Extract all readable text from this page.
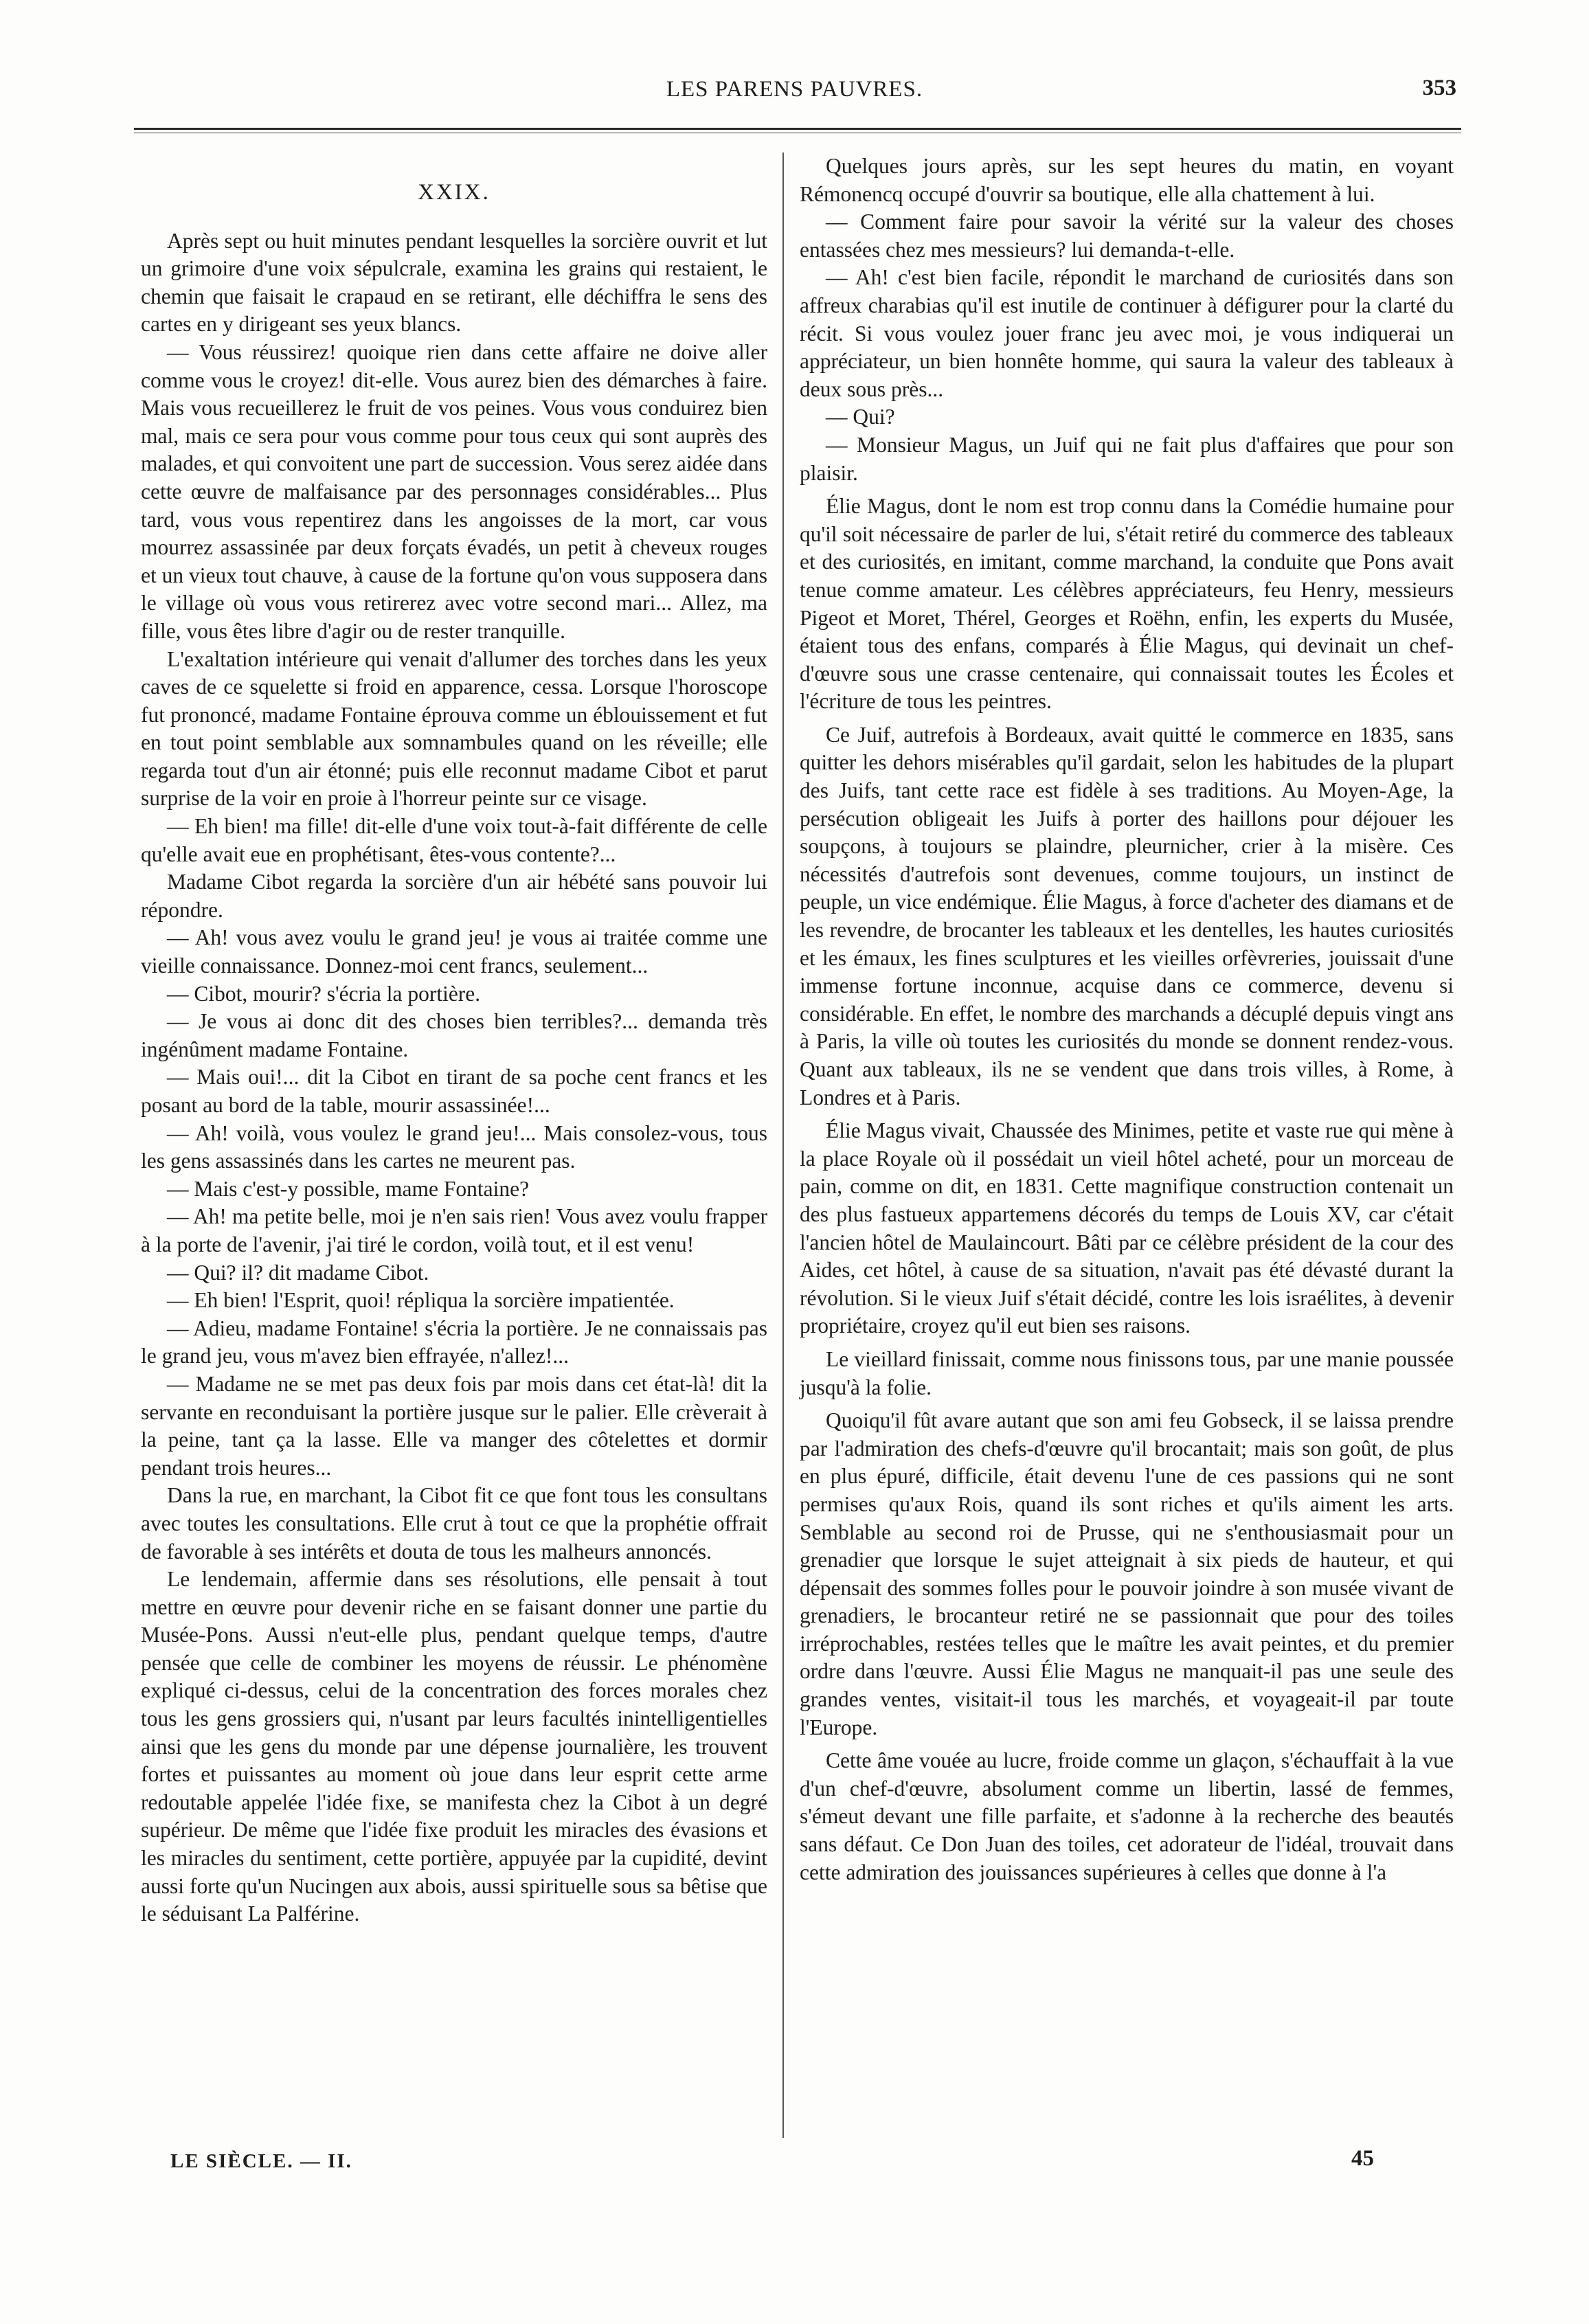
LES PARENS PAUVRES.	353

XXIX.

Après sept ou huit minutes pendant lesquelles la sorcière ouvrit et lut un grimoire d'une voix sépulcrale, examina les grains qui restaient, le chemin que faisait le crapaud en se retirant, elle déchiffra le sens des cartes en y dirigeant ses yeux blancs.

— Vous réussirez! quoique rien dans cette affaire ne doive aller comme vous le croyez! dit-elle. Vous aurez bien des démarches à faire. Mais vous recueillerez le fruit de vos peines. Vous vous conduirez bien mal, mais ce sera pour vous comme pour tous ceux qui sont auprès des malades, et qui convoitent une part de succession. Vous serez aidée dans cette œuvre de malfaisance par des personnages considérables... Plus tard, vous vous repentirez dans les angoisses de la mort, car vous mourrez assassinée par deux forçats évadés, un petit à cheveux rouges et un vieux tout chauve, à cause de la fortune qu'on vous supposera dans le village où vous vous retirerez avec votre second mari... Allez, ma fille, vous êtes libre d'agir ou de rester tranquille.

L'exaltation intérieure qui venait d'allumer des torches dans les yeux caves de ce squelette si froid en apparence, cessa. Lorsque l'horoscope fut prononcé, madame Fontaine éprouva comme un éblouissement et fut en tout point semblable aux somnambules quand on les réveille; elle regarda tout d'un air étonné; puis elle reconnut madame Cibot et parut surprise de la voir en proie à l'horreur peinte sur ce visage.

— Eh bien! ma fille! dit-elle d'une voix tout-à-fait différente de celle qu'elle avait eue en prophétisant, êtes-vous contente?...

Madame Cibot regarda la sorcière d'un air hébété sans pouvoir lui répondre.

— Ah! vous avez voulu le grand jeu! je vous ai traitée comme une vieille connaissance. Donnez-moi cent francs, seulement...

— Cibot, mourir? s'écria la portière.

— Je vous ai donc dit des choses bien terribles?... demanda très ingénûment madame Fontaine.

— Mais oui!... dit la Cibot en tirant de sa poche cent francs et les posant au bord de la table, mourir assassinée!...

— Ah! voilà, vous voulez le grand jeu!... Mais consolez-vous, tous les gens assassinés dans les cartes ne meurent pas.

— Mais c'est-y possible, mame Fontaine?

— Ah! ma petite belle, moi je n'en sais rien! Vous avez voulu frapper à la porte de l'avenir, j'ai tiré le cordon, voilà tout, et il est venu!

— Qui? il? dit madame Cibot.

— Eh bien! l'Esprit, quoi! répliqua la sorcière impatientée.

— Adieu, madame Fontaine! s'écria la portière. Je ne connaissais pas le grand jeu, vous m'avez bien effrayée, n'allez!...

— Madame ne se met pas deux fois par mois dans cet état-là! dit la servante en reconduisant la portière jusque sur le palier. Elle crèverait à la peine, tant ça la lasse. Elle va manger des côtelettes et dormir pendant trois heures...

Dans la rue, en marchant, la Cibot fit ce que font tous les consultans avec toutes les consultations. Elle crut à tout ce que la prophétie offrait de favorable à ses intérêts et douta de tous les malheurs annoncés.

Le lendemain, affermie dans ses résolutions, elle pensait à tout mettre en œuvre pour devenir riche en se faisant donner une partie du Musée-Pons. Aussi n'eut-elle plus, pendant quelque temps, d'autre pensée que celle de combiner les moyens de réussir. Le phénomène expliqué ci-dessus, celui de la concentration des forces morales chez tous les gens grossiers qui, n'usant par leurs facultés inintelligentielles ainsi que les gens du monde par une dépense journalière, les trouvent fortes et puissantes au moment où joue dans leur esprit cette arme redoutable appelée l'idée fixe, se manifesta chez la Cibot à un degré supérieur. De même que l'idée fixe produit les miracles des évasions et les miracles du sentiment, cette portière, appuyée par la cupidité, devint aussi forte qu'un Nucingen aux abois, aussi spirituelle sous sa bêtise que le séduisant La Palférine.

Quelques jours après, sur les sept heures du matin, en voyant Rémonencq occupé d'ouvrir sa boutique, elle alla chattement à lui.

— Comment faire pour savoir la vérité sur la valeur des choses entassées chez mes messieurs? lui demanda-t-elle.

— Ah! c'est bien facile, répondit le marchand de curiosités dans son affreux charabias qu'il est inutile de continuer à défigurer pour la clarté du récit. Si vous voulez jouer franc jeu avec moi, je vous indiquerai un appréciateur, un bien honnête homme, qui saura la valeur des tableaux à deux sous près...

— Qui?

— Monsieur Magus, un Juif qui ne fait plus d'affaires que pour son plaisir.

Élie Magus, dont le nom est trop connu dans la Comédie humaine pour qu'il soit nécessaire de parler de lui, s'était retiré du commerce des tableaux et des curiosités, en imitant, comme marchand, la conduite que Pons avait tenue comme amateur. Les célèbres appréciateurs, feu Henry, messieurs Pigeot et Moret, Thérel, Georges et Roëhn, enfin, les experts du Musée, étaient tous des enfans, comparés à Élie Magus, qui devinait un chef-d'œuvre sous une crasse centenaire, qui connaissait toutes les Écoles et l'écriture de tous les peintres.

Ce Juif, autrefois à Bordeaux, avait quitté le commerce en 1835, sans quitter les dehors misérables qu'il gardait, selon les habitudes de la plupart des Juifs, tant cette race est fidèle à ses traditions. Au Moyen-Age, la persécution obligeait les Juifs à porter des haillons pour déjouer les soupçons, à toujours se plaindre, pleurnicher, crier à la misère. Ces nécessités d'autrefois sont devenues, comme toujours, un instinct de peuple, un vice endémique. Élie Magus, à force d'acheter des diamans et de les revendre, de brocanter les tableaux et les dentelles, les hautes curiosités et les émaux, les fines sculptures et les vieilles orfèvreries, jouissait d'une immense fortune inconnue, acquise dans ce commerce, devenu si considérable. En effet, le nombre des marchands a décuplé depuis vingt ans à Paris, la ville où toutes les curiosités du monde se donnent rendez-vous. Quant aux tableaux, ils ne se vendent que dans trois villes, à Rome, à Londres et à Paris.

Élie Magus vivait, Chaussée des Minimes, petite et vaste rue qui mène à la place Royale où il possédait un vieil hôtel acheté, pour un morceau de pain, comme on dit, en 1831. Cette magnifique construction contenait un des plus fastueux appartemens décorés du temps de Louis XV, car c'était l'ancien hôtel de Maulaincourt. Bâti par ce célèbre président de la cour des Aides, cet hôtel, à cause de sa situation, n'avait pas été dévasté durant la révolution. Si le vieux Juif s'était décidé, contre les lois israélites, à devenir propriétaire, croyez qu'il eut bien ses raisons.

Le vieillard finissait, comme nous finissons tous, par une manie poussée jusqu'à la folie.

Quoiqu'il fût avare autant que son ami feu Gobseck, il se laissa prendre par l'admiration des chefs-d'œuvre qu'il brocantait; mais son goût, de plus en plus épuré, difficile, était devenu l'une de ces passions qui ne sont permises qu'aux Rois, quand ils sont riches et qu'ils aiment les arts. Semblable au second roi de Prusse, qui ne s'enthousiasmait pour un grenadier que lorsque le sujet atteignait à six pieds de hauteur, et qui dépensait des sommes folles pour le pouvoir joindre à son musée vivant de grenadiers, le brocanteur retiré ne se passionnait que pour des toiles irréprochables, restées telles que le maître les avait peintes, et du premier ordre dans l'œuvre. Aussi Élie Magus ne manquait-il pas une seule des grandes ventes, visitait-il tous les marchés, et voyageait-il par toute l'Europe.

Cette âme vouée au lucre, froide comme un glaçon, s'échauffait à la vue d'un chef-d'œuvre, absolument comme un libertin, lassé de femmes, s'émeut devant une fille parfaite, et s'adonne à la recherche des beautés sans défaut. Ce Don Juan des toiles, cet adorateur de l'idéal, trouvait dans cette admiration des jouissances supérieures à celles que donne à l'a

LE SIÈCLE. — II.	45
